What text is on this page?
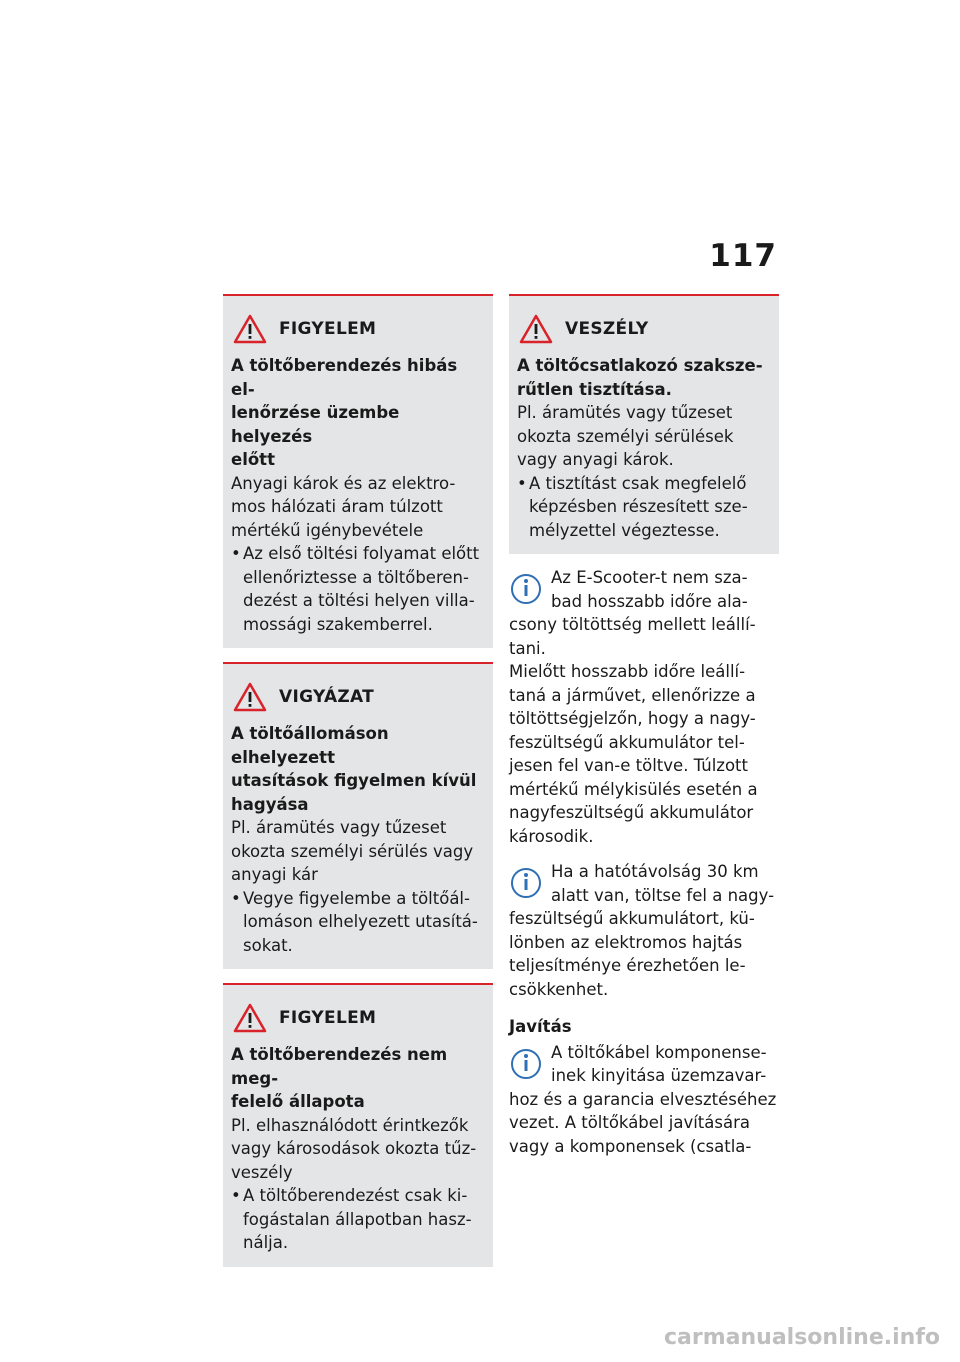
117
FIGYELEM

A töltőberendezés hibás el-
lenőrzése üzembe helyezés
előtt

Anyagi károk és az elektro-
mos hálózati áram túlzott
mértékű igénybevétele

• Az első töltési folyamat előtt
ellenőriztesse a töltőberen-
dezést a töltési helyen villa-
mossági szakemberrel.
VIGYÁZAT

A töltőállomáson elhelyezett
utasítások figyelmen kívül
hagyása

Pl. áramütés vagy tűzeset
okozta személyi sérülés vagy
anyagi kár

• Vegye figyelembe a töltőál-
lomáson elhelyezett utasítá-
sokat.
FIGYELEM

A töltőberendezés nem meg-
felelő állapota

Pl. elhasználódott érintkezők
vagy károsodások okozta tűz-
veszély

• A töltőberendezést csak ki-
fogástalan állapotban hasz-
nálja.
VESZÉLY

A töltőcsatlakozó szaksze-
rűtlen tisztítása.

Pl. áramütés vagy tűzeset
okozta személyi sérülések
vagy anyagi károk.

• A tisztítást csak megfelelő
képzésben részesített sze-
mélyzettel végeztesse.

Az E-Scooter-t nem sza-
bad hosszabb időre ala-
csony töltöttség mellett leállí-
tani.
Mielőtt hosszabb időre leállí-
taná a járművet, ellenőrizze a
töltöttségjelzőn, hogy a nagy-
feszültségű akkumulátor tel-
jesen fel van-e töltve. Túlzott
mértékű mélykisülés esetén a
nagyfeszültségű akkumulátor
károsodik.

Ha a hatótávolság 30 km
alatt van, töltse fel a nagy-
feszültségű akkumulátort, kü-
lönben az elektromos hajtás
teljesítménye érezhetően le-
csökkenhet.

Javítás

A töltőkábel komponense-
inek kinyitása üzemzavar-
hoz és a garancia elvesztéséhez
vezet. A töltőkábel javítására
vagy a komponensek (csatla-

carmanualsonline.info
